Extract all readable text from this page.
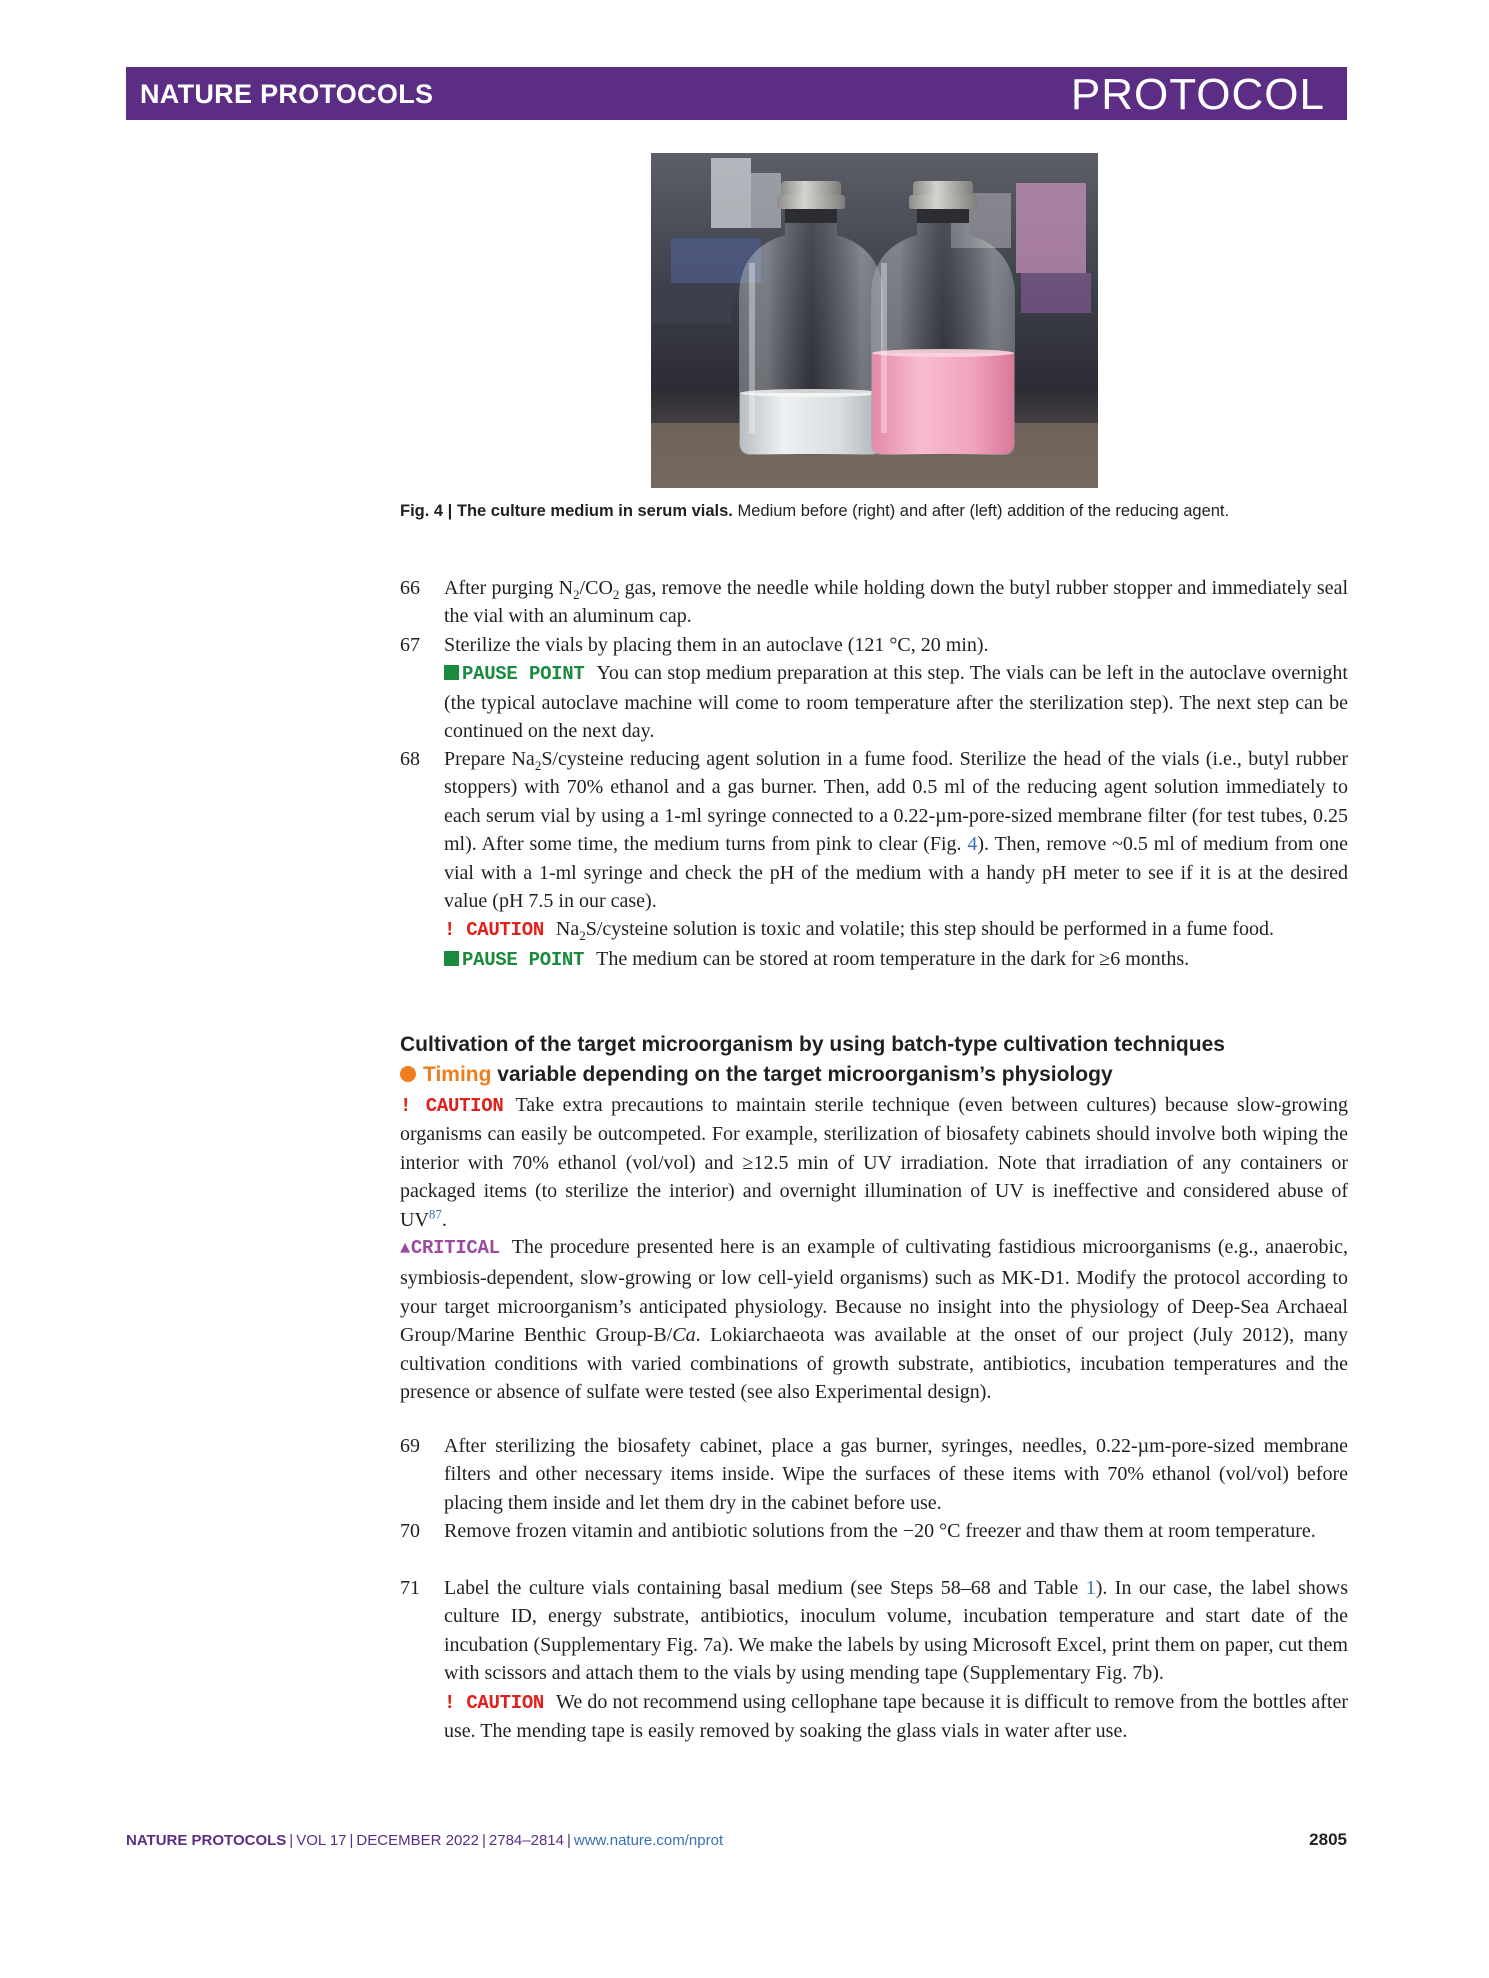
NATURE PROTOCOLS	PROTOCOL
Fig. 4 | The culture medium in serum vials. Medium before (right) and after (left) addition of the reducing agent.
66 After purging $N_2/CO_2$ gas, remove the needle while holding down the butyl rubber stopper and immediately seal the vial with an aluminum cap.

67 Sterilize the vials by placing them in an autoclave (121 °C, 20 min).

PAUSE POINT You can stop medium preparation at this step. The vials can be left in the autoclave overnight (the typical autoclave machine will come to room temperature after the sterilization step). The next step can be continued on the next day.

68 Prepare $Na_2S$/cysteine reducing agent solution in a fume food. Sterilize the head of the vials (i.e., butyl rubber stoppers) with 70% ethanol and a gas burner. Then, add 0.5 ml of the reducing agent solution immediately to each serum vial by using a 1-ml syringe connected to a 0.22-µm-pore-sized membrane filter (for test tubes, 0.25 ml). After some time, the medium turns from pink to clear (Fig. 4). Then, remove ~0.5 ml of medium from one vial with a 1-ml syringe and check the pH of the medium with a handy pH meter to see if it is at the desired value (pH 7.5 in our case).

! CAUTION $Na_2S$/cysteine solution is toxic and volatile; this step should be performed in a fume food.

PAUSE POINT The medium can be stored at room temperature in the dark for ≥6 months.

Cultivation of the target microorganism by using batch-type cultivation techniques
Timing variable depending on the target microorganism’s physiology
! CAUTION Take extra precautions to maintain sterile technique (even between cultures) because slow-growing organisms can easily be outcompeted. For example, sterilization of biosafety cabinets should involve both wiping the interior with 70% ethanol (vol/vol) and ≥12.5 min of UV irradiation. Note that irradiation of any containers or packaged items (to sterilize the interior) and overnight illumination of UV is ineffective and considered abuse of UV$^{87}$.
▲CRITICAL The procedure presented here is an example of cultivating fastidious microorganisms (e.g., anaerobic, symbiosis-dependent, slow-growing or low cell-yield organisms) such as MK-D1. Modify the protocol according to your target microorganism’s anticipated physiology. Because no insight into the physiology of Deep-Sea Archaeal Group/Marine Benthic Group-B/Ca. Lokiarchaeota was available at the onset of our project (July 2012), many cultivation conditions with varied combinations of growth substrate, antibiotics, incubation temperatures and the presence or absence of sulfate were tested (see also Experimental design).
69 After sterilizing the biosafety cabinet, place a gas burner, syringes, needles, 0.22-µm-pore-sized membrane filters and other necessary items inside. Wipe the surfaces of these items with 70% ethanol (vol/vol) before placing them inside and let them dry in the cabinet before use.

70 Remove frozen vitamin and antibiotic solutions from the −20 °C freezer and thaw them at room temperature.

71 Label the culture vials containing basal medium (see Steps 58–68 and Table 1). In our case, the label shows culture ID, energy substrate, antibiotics, inoculum volume, incubation temperature and start date of the incubation (Supplementary Fig. 7a). We make the labels by using Microsoft Excel, print them on paper, cut them with scissors and attach them to the vials by using mending tape (Supplementary Fig. 7b).

! CAUTION We do not recommend using cellophane tape because it is difficult to remove from the bottles after use. The mending tape is easily removed by soaking the glass vials in water after use.

NATURE PROTOCOLS | VOL 17 | DECEMBER 2022 | 2784–2814 | www.nature.com/nprot	2805
